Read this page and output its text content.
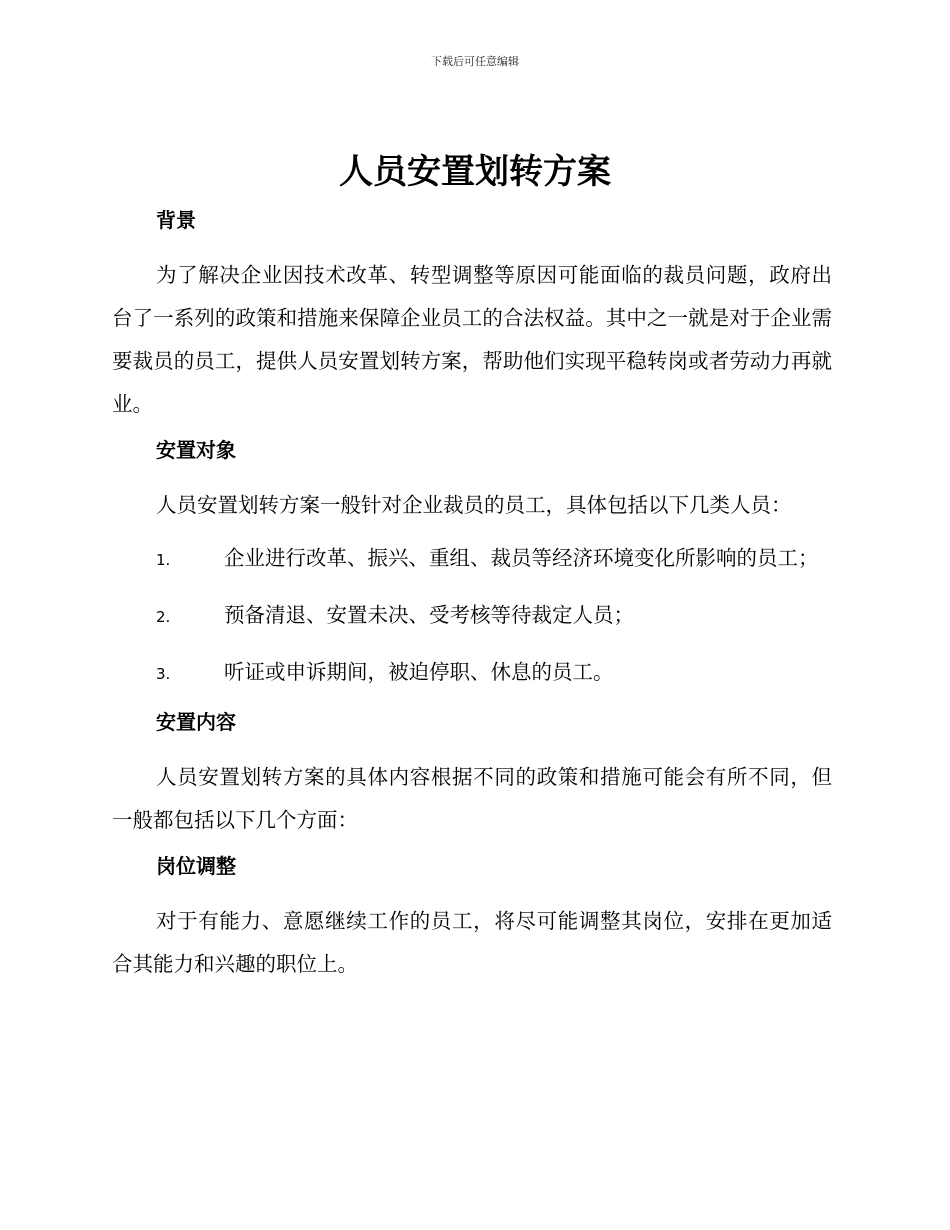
下载后可任意编辑
人员安置划转方案
背景

为了解决企业因技术改革、转型调整等原因可能面临的裁员问题，政府出台了一系列的政策和措施来保障企业员工的合法权益。其中之一就是对于企业需要裁员的员工，提供人员安置划转方案，帮助他们实现平稳转岗或者劳动力再就业。

安置对象

人员安置划转方案一般针对企业裁员的员工，具体包括以下几类人员：

1.	企业进行改革、振兴、重组、裁员等经济环境变化所影响的员工；
2.	预备清退、安置未决、受考核等待裁定人员；
3.	听证或申诉期间，被迫停职、休息的员工。
安置内容

人员安置划转方案的具体内容根据不同的政策和措施可能会有所不同，但一般都包括以下几个方面：

岗位调整

对于有能力、意愿继续工作的员工，将尽可能调整其岗位，安排在更加适合其能力和兴趣的职位上。
